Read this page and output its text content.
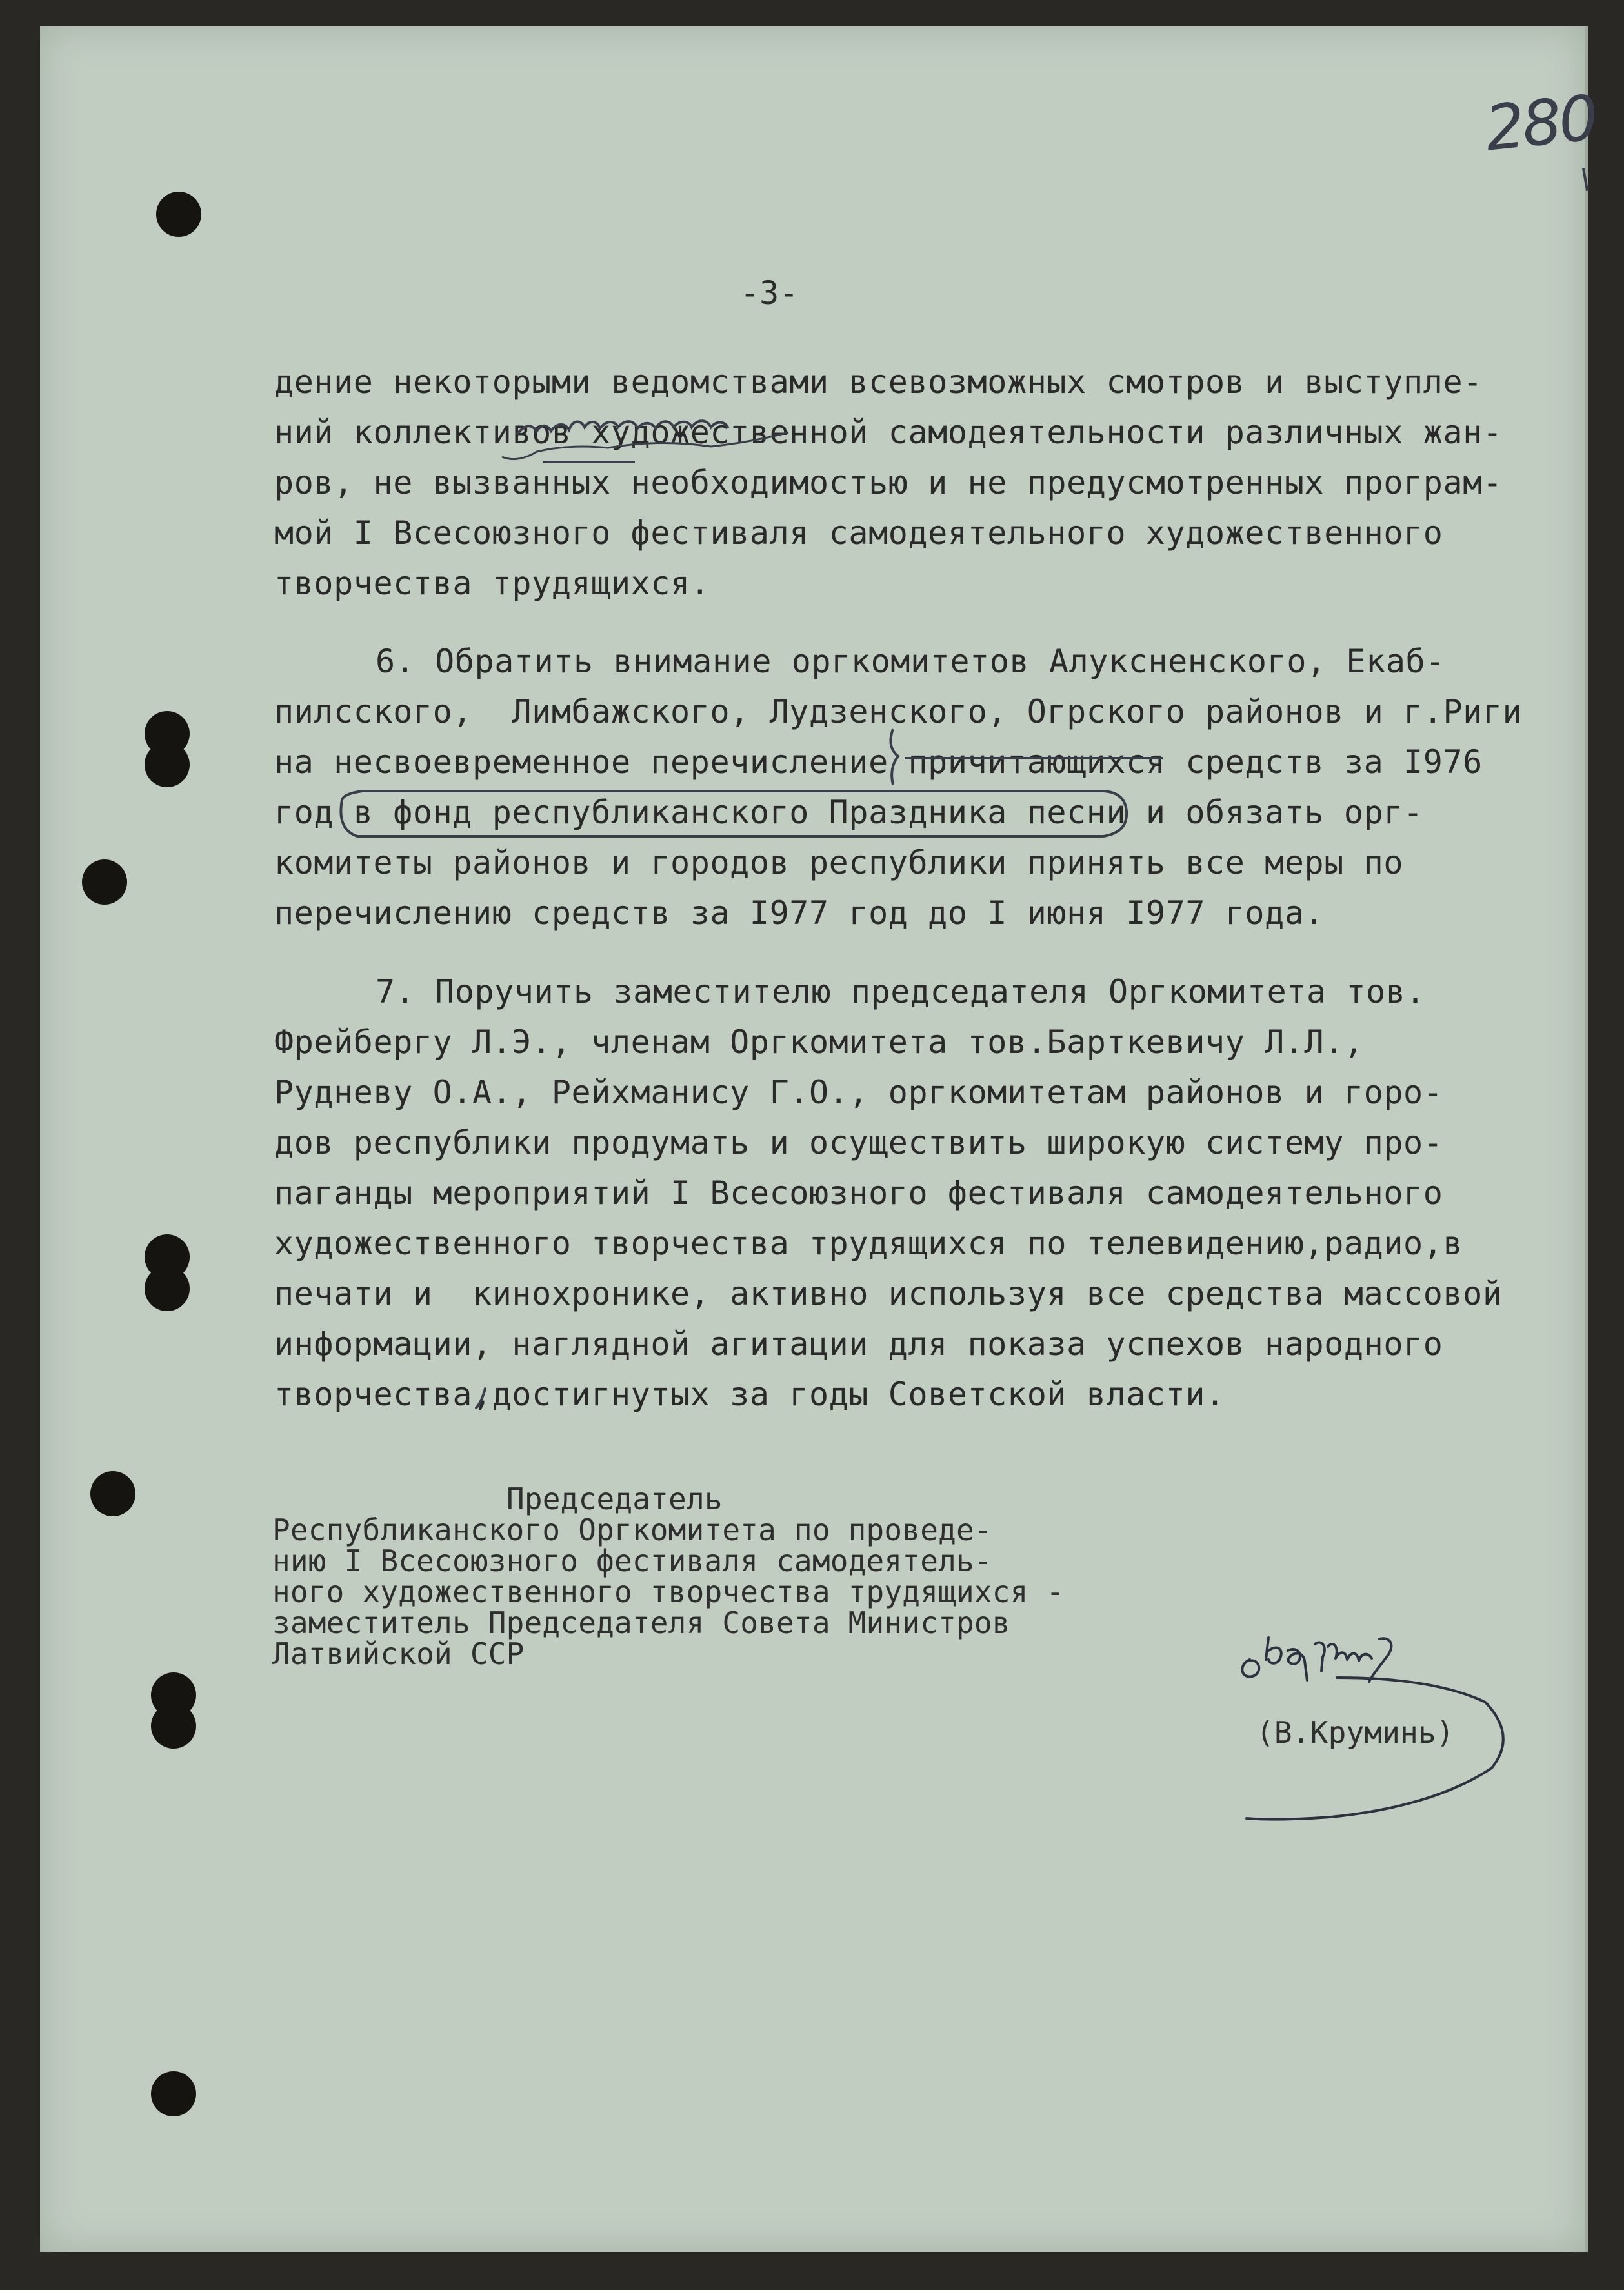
280
-3-
дение некоторыми ведомствами всевозможных смотров и выступле-
ний коллективов художественной самодеятельности различных жан-
ров, не вызванных необходимостью и не предусмотренных програм-
мой I Всесоюзного фестиваля самодеятельного художественного
творчества трудящихся.
6. Обратить внимание оргкомитетов Алуксненского, Екаб-
пилсского,  Лимбажского, Лудзенского, Огрского районов и г.Риги
на несвоевременное перечисление причитающихся средств за I976
год в фонд республиканского Праздника песни и обязать орг-
комитеты районов и городов республики принять все меры по
перечислению средств за I977 год до I июня I977 года.
7. Поручить заместителю председателя Оргкомитета тов.
Фрейбергу Л.Э., членам Оргкомитета тов.Барткевичу Л.Л.,
Рудневу О.А., Рейхманису Г.О., оргкомитетам районов и горо-
дов республики продумать и осуществить широкую систему про-
паганды мероприятий I Всесоюзного фестиваля самодеятельного
художественного творчества трудящихся по телевидению,радио,в
печати и  кинохронике, активно используя все средства массовой
информации, наглядной агитации для показа успехов народного
творчества,достигнутых за годы Советской власти.
Председатель
Республиканского Оргкомитета по проведе-
нию I Всесоюзного фестиваля самодеятель-
ного художественного творчества трудящихся -
заместитель Председателя Совета Министров
Латвийской ССР
(В.Круминь)
